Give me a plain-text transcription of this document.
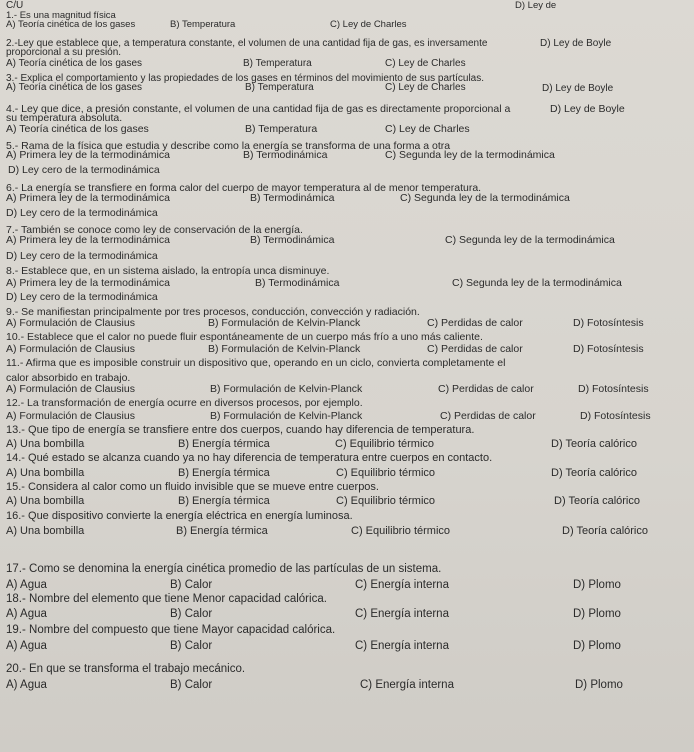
C/U
1.- Es una magnitud física
A) Teoría cinética de los gases	B) Temperatura	C) Ley de Charles
D) Ley de
2.-Ley que establece que, a temperatura constante, el volumen de una cantidad fija de gas, es inversamente
proporcional a su presión.
A) Teoría cinética de los gases	B) Temperatura	C) Ley de Charles
D) Ley de Boyle
3.- Explica el comportamiento y las propiedades de los gases en términos del movimiento de sus partículas.
A) Teoría cinética de los gases	B) Temperatura	C) Ley de Charles	D) Ley de Boyle
4.- Ley que dice, a presión constante, el volumen de una cantidad fija de gas es directamente proporcional a
su temperatura absoluta.
A) Teoría cinética de los gases	B) Temperatura	C) Ley de Charles
D) Ley de Boyle
5.- Rama de la física que estudia y describe como la energía se transforma de una forma a otra
A) Primera ley de la termodinámica	B) Termodinámica	C) Segunda ley de la termodinámica
D) Ley cero de la termodinámica
6.- La energía se transfiere en forma calor del cuerpo de mayor temperatura al de menor temperatura.
A) Primera ley de la termodinámica	B) Termodinámica	C) Segunda ley de la termodinámica
D) Ley cero de la termodinámica
7.- También se conoce como ley de conservación de la energía.
A) Primera ley de la termodinámica	B) Termodinámica	C) Segunda ley de la termodinámica
D) Ley cero de la termodinámica
8.- Establece que, en un sistema aislado, la entropía unca disminuye.
A) Primera ley de la termodinámica	B) Termodinámica	C) Segunda ley de la termodinámica
D) Ley cero de la termodinámica
9.- Se manifiestan principalmente por tres procesos, conducción, convección y radiación.
A) Formulación de Clausius	B) Formulación de Kelvin-Planck	C) Perdidas de calor	D) Fotosíntesis
10.- Establece que el calor no puede fluir espontáneamente de un cuerpo más frío a uno más caliente.
A) Formulación de Clausius	B) Formulación de Kelvin-Planck	C) Perdidas de calor	D) Fotosíntesis
11.- Afirma que es imposible construir un dispositivo que, operando en un ciclo, convierta completamente el
calor absorbido en trabajo.
A) Formulación de Clausius	B) Formulación de Kelvin-Planck	C) Perdidas de calor	D) Fotosíntesis
12.- La transformación de energía ocurre en diversos procesos, por ejemplo.
A) Formulación de Clausius	B) Formulación de Kelvin-Planck	C) Perdidas de calor	D) Fotosíntesis
13.- Que tipo de energía se transfiere entre dos cuerpos, cuando hay diferencia de temperatura.
A) Una bombilla	B) Energía térmica	C) Equilibrio térmico	D) Teoría calórico
14.- Qué estado se alcanza cuando ya no hay diferencia de temperatura entre cuerpos en contacto.
A) Una bombilla	B) Energía térmica	C) Equilibrio térmico	D) Teoría calórico
15.- Considera al calor como un fluido invisible que se mueve entre cuerpos.
A) Una bombilla	B) Energía térmica	C) Equilibrio térmico	D) Teoría calórico
16.- Que dispositivo convierte la energía eléctrica en energía luminosa.
A) Una bombilla	B) Energía térmica	C) Equilibrio térmico	D) Teoría calórico
17.- Como se denomina la energía cinética promedio de las partículas de un sistema.
A) Agua	B) Calor	C) Energía interna	D) Plomo
18.- Nombre del elemento que tiene Menor capacidad calórica.
A) Agua	B) Calor	C) Energía interna	D) Plomo
19.- Nombre del compuesto que tiene Mayor capacidad calórica.
A) Agua	B) Calor	C) Energía interna	D) Plomo
20.- En que se transforma el trabajo mecánico.
A) Agua	B) Calor	C) Energía interna	D) Plomo
